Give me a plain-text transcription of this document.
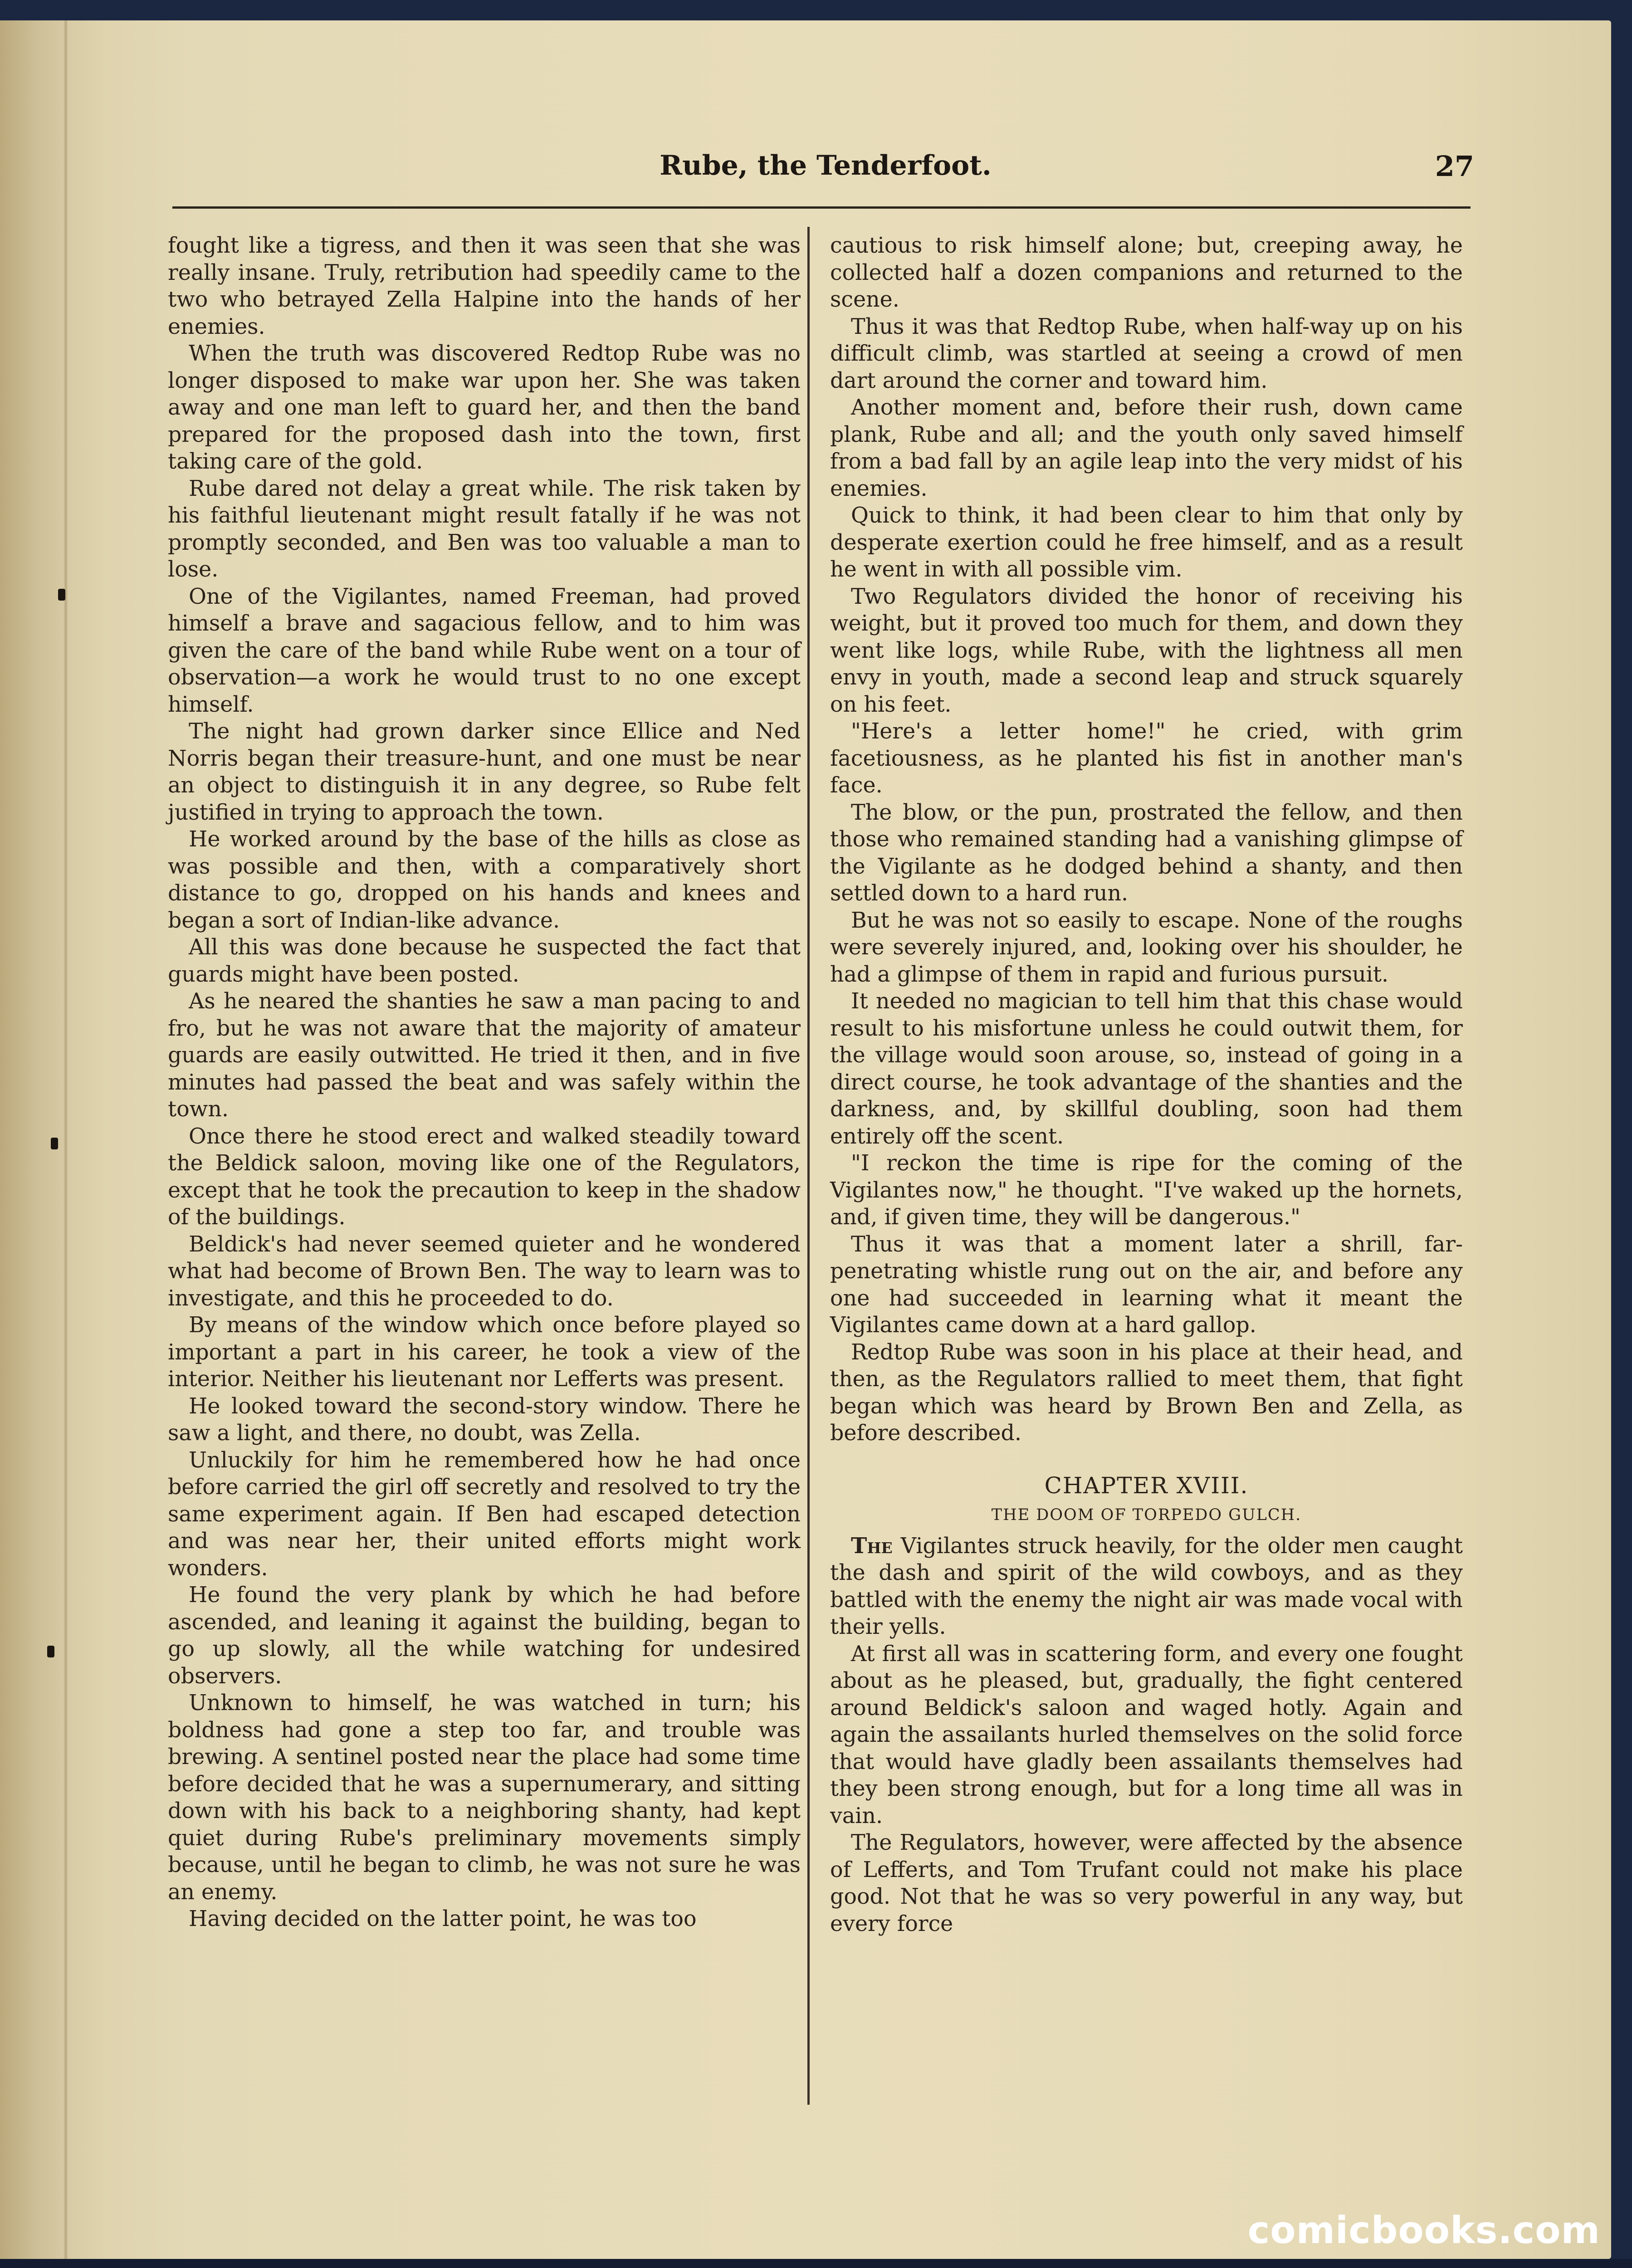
Rube, the Tenderfoot.	27

fought like a tigress, and then it was seen that she was really insane. Truly, retribution had speedily came to the two who betrayed Zella Halpine into the hands of her enemies.

When the truth was discovered Redtop Rube was no longer disposed to make war upon her. She was taken away and one man left to guard her, and then the band prepared for the proposed dash into the town, first taking care of the gold.

Rube dared not delay a great while. The risk taken by his faithful lieutenant might result fatally if he was not promptly seconded, and Ben was too valuable a man to lose.

One of the Vigilantes, named Freeman, had proved himself a brave and sagacious fellow, and to him was given the care of the band while Rube went on a tour of observation—a work he would trust to no one except himself.

The night had grown darker since Ellice and Ned Norris began their treasure-hunt, and one must be near an object to distinguish it in any degree, so Rube felt justified in trying to approach the town.

He worked around by the base of the hills as close as was possible and then, with a comparatively short distance to go, dropped on his hands and knees and began a sort of Indian-like advance.

All this was done because he suspected the fact that guards might have been posted.

As he neared the shanties he saw a man pacing to and fro, but he was not aware that the majority of amateur guards are easily outwitted. He tried it then, and in five minutes had passed the beat and was safely within the town.

Once there he stood erect and walked steadily toward the Beldick saloon, moving like one of the Regulators, except that he took the precaution to keep in the shadow of the buildings.

Beldick's had never seemed quieter and he wondered what had become of Brown Ben. The way to learn was to investigate, and this he proceeded to do.

By means of the window which once before played so important a part in his career, he took a view of the interior. Neither his lieutenant nor Lefferts was present.

He looked toward the second-story window. There he saw a light, and there, no doubt, was Zella.

Unluckily for him he remembered how he had once before carried the girl off secretly and resolved to try the same experiment again. If Ben had escaped detection and was near her, their united efforts might work wonders.

He found the very plank by which he had before ascended, and leaning it against the building, began to go up slowly, all the while watching for undesired observers.

Unknown to himself, he was watched in turn; his boldness had gone a step too far, and trouble was brewing. A sentinel posted near the place had some time before decided that he was a supernumerary, and sitting down with his back to a neighboring shanty, had kept quiet during Rube's preliminary movements simply because, until he began to climb, he was not sure he was an enemy.

Having decided on the latter point, he was too

cautious to risk himself alone; but, creeping away, he collected half a dozen companions and returned to the scene.

Thus it was that Redtop Rube, when half-way up on his difficult climb, was startled at seeing a crowd of men dart around the corner and toward him.

Another moment and, before their rush, down came plank, Rube and all; and the youth only saved himself from a bad fall by an agile leap into the very midst of his enemies.

Quick to think, it had been clear to him that only by desperate exertion could he free himself, and as a result he went in with all possible vim.

Two Regulators divided the honor of receiving his weight, but it proved too much for them, and down they went like logs, while Rube, with the lightness all men envy in youth, made a second leap and struck squarely on his feet.

"Here's a letter home!" he cried, with grim facetiousness, as he planted his fist in another man's face.

The blow, or the pun, prostrated the fellow, and then those who remained standing had a vanishing glimpse of the Vigilante as he dodged behind a shanty, and then settled down to a hard run.

But he was not so easily to escape. None of the roughs were severely injured, and, looking over his shoulder, he had a glimpse of them in rapid and furious pursuit.

It needed no magician to tell him that this chase would result to his misfortune unless he could outwit them, for the village would soon arouse, so, instead of going in a direct course, he took advantage of the shanties and the darkness, and, by skillful doubling, soon had them entirely off the scent.

"I reckon the time is ripe for the coming of the Vigilantes now," he thought. "I've waked up the hornets, and, if given time, they will be dangerous."

Thus it was that a moment later a shrill, far-penetrating whistle rung out on the air, and before any one had succeeded in learning what it meant the Vigilantes came down at a hard gallop.

Redtop Rube was soon in his place at their head, and then, as the Regulators rallied to meet them, that fight began which was heard by Brown Ben and Zella, as before described.

CHAPTER XVIII.
THE DOOM OF TORPEDO GULCH.

The Vigilantes struck heavily, for the older men caught the dash and spirit of the wild cowboys, and as they battled with the enemy the night air was made vocal with their yells.

At first all was in scattering form, and every one fought about as he pleased, but, gradually, the fight centered around Beldick's saloon and waged hotly. Again and again the assailants hurled themselves on the solid force that would have gladly been assailants themselves had they been strong enough, but for a long time all was in vain.

The Regulators, however, were affected by the absence of Lefferts, and Tom Trufant could not make his place good. Not that he was so very powerful in any way, but every force

comicbooks.com
